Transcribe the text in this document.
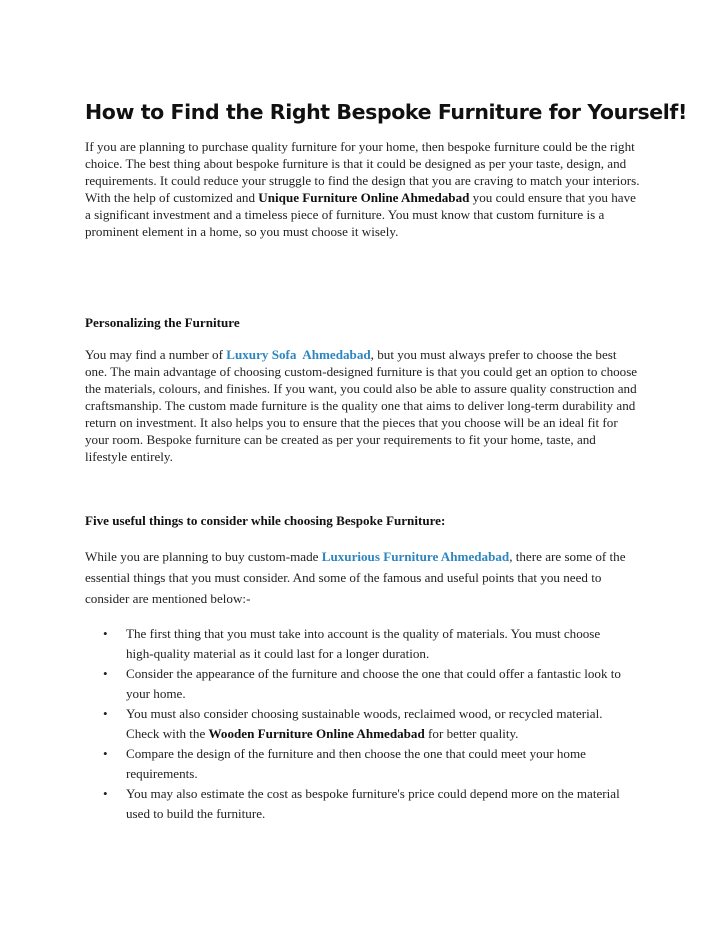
How to Find the Right Bespoke Furniture for Yourself!

If you are planning to purchase quality furniture for your home, then bespoke furniture could be the right choice. The best thing about bespoke furniture is that it could be designed as per your taste, design, and requirements. It could reduce your struggle to find the design that you are craving to match your interiors. With the help of customized and Unique Furniture Online Ahmedabad you could ensure that you have a significant investment and a timeless piece of furniture. You must know that custom furniture is a prominent element in a home, so you must choose it wisely.

Personalizing the Furniture

You may find a number of Luxury Sofa  Ahmedabad, but you must always prefer to choose the best one. The main advantage of choosing custom-designed furniture is that you could get an option to choose the materials, colours, and finishes. If you want, you could also be able to assure quality construction and craftsmanship. The custom made furniture is the quality one that aims to deliver long-term durability and return on investment. It also helps you to ensure that the pieces that you choose will be an ideal fit for your room. Bespoke furniture can be created as per your requirements to fit your home, taste, and lifestyle entirely.

Five useful things to consider while choosing Bespoke Furniture:

While you are planning to buy custom-made Luxurious Furniture Ahmedabad, there are some of the essential things that you must consider. And some of the famous and useful points that you need to consider are mentioned below:-

• The first thing that you must take into account is the quality of materials. You must choose high-quality material as it could last for a longer duration.
• Consider the appearance of the furniture and choose the one that could offer a fantastic look to your home.
• You must also consider choosing sustainable woods, reclaimed wood, or recycled material. Check with the Wooden Furniture Online Ahmedabad for better quality.
• Compare the design of the furniture and then choose the one that could meet your home requirements.
• You may also estimate the cost as bespoke furniture's price could depend more on the material used to build the furniture.
